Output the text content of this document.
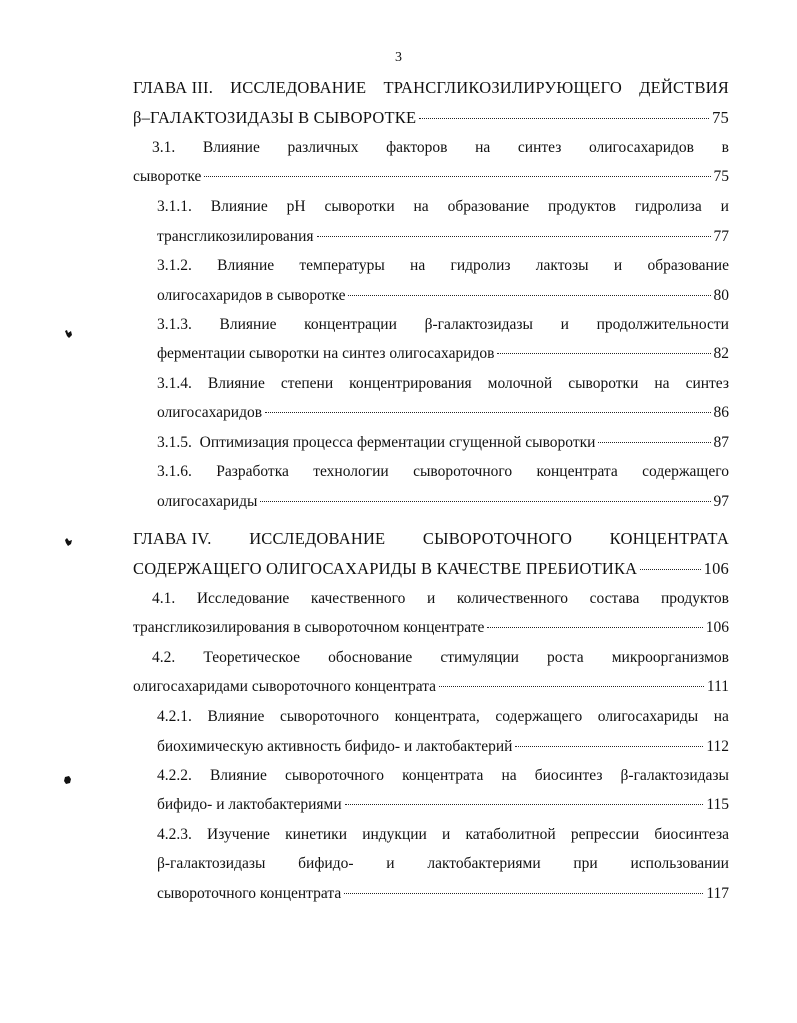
3
ГЛАВА III. ИССЛЕДОВАНИЕ ТРАНСГЛИКОЗИЛИРУЮЩЕГО ДЕЙСТВИЯ
β–ГАЛАКТОЗИДАЗЫ В СЫВОРОТКЕ	75
3.1. Влияние различных факторов на синтез олигосахаридов в
сыворотке	75
3.1.1. Влияние pH сыворотки на образование продуктов гидролиза и
трансгликозилирования	77
3.1.2. Влияние температуры на гидролиз лактозы и образование
олигосахаридов в сыворотке	80
3.1.3. Влияние концентрации β-галактозидазы и продолжительности
ферментации сыворотки на синтез олигосахаридов	82
3.1.4. Влияние степени концентрирования молочной сыворотки на синтез
олигосахаридов	86
3.1.5.  Оптимизация процесса ферментации сгущенной сыворотки	87
3.1.6. Разработка технологии сывороточного концентрата содержащего
олигосахариды	97
ГЛАВА IV. ИССЛЕДОВАНИЕ СЫВОРОТОЧНОГО КОНЦЕНТРАТА
СОДЕРЖАЩЕГО ОЛИГОСАХАРИДЫ В КАЧЕСТВЕ ПРЕБИОТИКА	106
4.1. Исследование качественного и количественного состава продуктов
трансгликозилирования в сывороточном концентрате	106
4.2. Теоретическое обоснование стимуляции роста микроорганизмов
олигосахаридами сывороточного концентрата	111
4.2.1. Влияние сывороточного концентрата, содержащего олигосахариды на
биохимическую активность бифидо- и лактобактерий	112
4.2.2. Влияние сывороточного концентрата на биосинтез β-галактозидазы
бифидо- и лактобактериями	115
4.2.3. Изучение кинетики индукции и катаболитной репрессии биосинтеза
β-галактозидазы бифидо- и лактобактериями при использовании
сывороточного концентрата	117
